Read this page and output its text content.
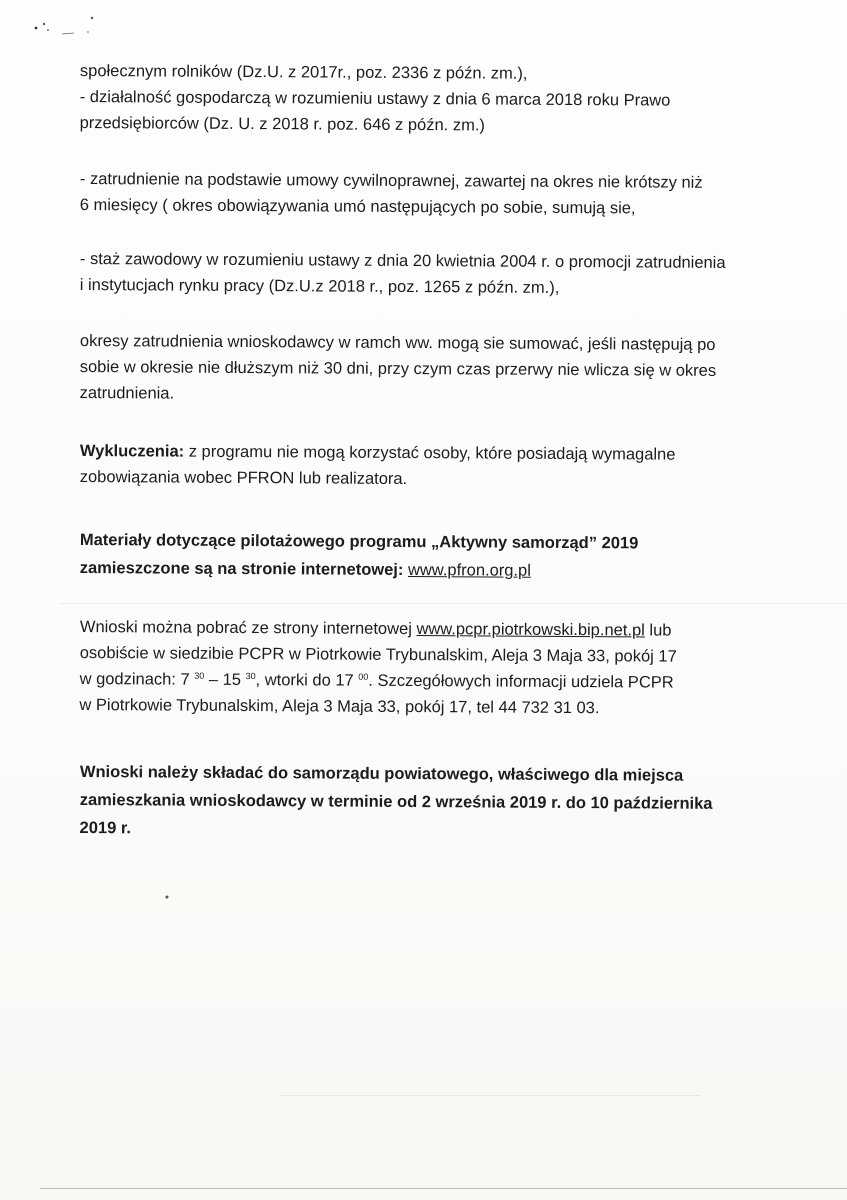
społecznym rolników (Dz.U. z 2017r., poz. 2336 z późn. zm.),

- działalność gospodarczą w rozumieniu ustawy z dnia 6 marca 2018 roku Prawo

przedsiębiorców (Dz. U. z 2018 r. poz. 646 z późn. zm.)

- zatrudnienie na podstawie umowy cywilnoprawnej, zawartej na okres nie krótszy niż

6 miesięcy ( okres obowiązywania umó następujących po sobie, sumują sie,

- staż zawodowy w rozumieniu ustawy z dnia 20 kwietnia 2004 r. o promocji zatrudnienia

i instytucjach rynku pracy (Dz.U.z 2018 r., poz. 1265 z późn. zm.),

okresy zatrudnienia wnioskodawcy w ramch ww. mogą sie sumować, jeśli następują po

sobie w okresie nie dłuższym niż 30 dni, przy czym czas przerwy nie wlicza się w okres

zatrudnienia.

Wykluczenia: z programu nie mogą korzystać osoby, które posiadają wymagalne

zobowiązania wobec PFRON lub realizatora.

Materiały dotyczące pilotażowego programu „Aktywny samorząd” 2019

zamieszczone są na stronie internetowej: www.pfron.org.pl

Wnioski można pobrać ze strony internetowej www.pcpr.piotrkowski.bip.net.pl lub

osobiście w siedzibie PCPR w Piotrkowie Trybunalskim, Aleja 3 Maja 33, pokój 17

w godzinach: 7 $^{30}$ – 15 $^{30}$, wtorki do 17 $^{00}$. Szczegółowych informacji udziela PCPR

w Piotrkowie Trybunalskim, Aleja 3 Maja 33, pokój 17, tel 44 732 31 03.

Wnioski należy składać do samorządu powiatowego, właściwego dla miejsca

zamieszkania wnioskodawcy w terminie od 2 września 2019 r. do 10 października

2019 r.
